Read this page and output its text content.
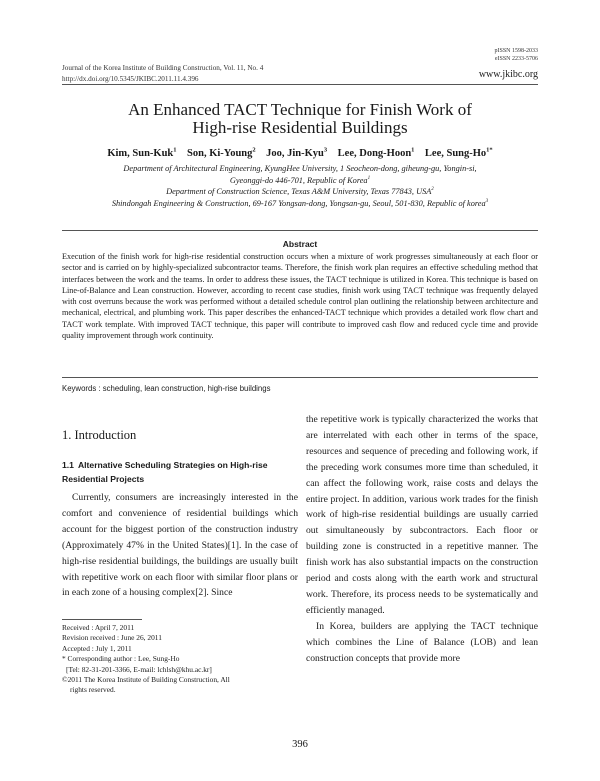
Journal of the Korea Institute of Building Construction, Vol. 11, No. 4
http://dx.doi.org/10.5345/JKIBC.2011.11.4.396
pISSN 1598-2033
eISSN 2233-5706
www.jkibc.org
An Enhanced TACT Technique for Finish Work of
High-rise Residential Buildings
Kim, Sun-Kuk$^1$ Son, Ki-Young$^2$ Joo, Jin-Kyu$^3$ Lee, Dong-Hoon$^1$ Lee, Sung-$Ho^{1*}$
Department of Architectural Engineering, KyungHee University, 1 Seocheon-dong, giheung-gu, Yongin-si,
Gyeonggi-do 446-701, Republic of Korea$^1$
Department of Construction Science, Texas A&M University, Texas 77843, USA$^2$
Shindongah Engineering & Construction, 69-167 Yongsan-dong, Yongsan-gu, Seoul, 501-830, Republic of korea$^3$
Abstract
Execution of the finish work for high-rise residential construction occurs when a mixture of work progresses simultaneously at each floor or sector and is carried on by highly-specialized subcontractor teams. Therefore, the finish work plan requires an effective scheduling method that interfaces between the work and the teams. In order to address these issues, the TACT technique is utilized in Korea. This technique is based on Line-of-Balance and Lean construction. However, according to recent case studies, finish work using TACT technique was frequently delayed with cost overruns because the work was performed without a detailed schedule control plan outlining the relationship between architecture and mechanical, electrical, and plumbing work. This paper describes the enhanced-TACT technique which provides a detailed work flow chart and TACT work template. With improved TACT technique, this paper will contribute to improved cash flow and reduced cycle time and provide quality improvement through work continuity.
Keywords : scheduling, lean construction, high-rise buildings
1. Introduction
1.1 Alternative Scheduling Strategies on High-rise Residential Projects
Currently, consumers are increasingly interested in the comfort and convenience of residential buildings which account for the biggest portion of the construction industry (Approximately 47% in the United States)[1]. In the case of high-rise residential buildings, the buildings are usually built with repetitive work on each floor with similar floor plans or in each zone of a housing complex[2]. Since
Received : April 7, 2011
Revision received : June 26, 2011
Accepted : July 1, 2011
* Corresponding author : Lee, Sung-Ho
[Tel: 82-31-201-3366, E-mail: lchlsh@khu.ac.kr]
©2011 The Korea Institute of Building Construction, All
rights reserved.

the repetitive work is typically characterized the works that are interrelated with each other in terms of the space, resources and sequence of preceding and following work, if the preceding work consumes more time than scheduled, it can affect the following work, raise costs and delays the entire project. In addition, various work trades for the finish work of high-rise residential buildings are usually carried out simultaneously by subcontractors. Each floor or building zone is constructed in a repetitive manner. The finish work has also substantial impacts on the construction period and costs along with the earth work and structural work. Therefore, its process needs to be systematically and efficiently managed.

In Korea, builders are applying the TACT technique which combines the Line of Balance (LOB) and lean construction concepts that provide more

396
